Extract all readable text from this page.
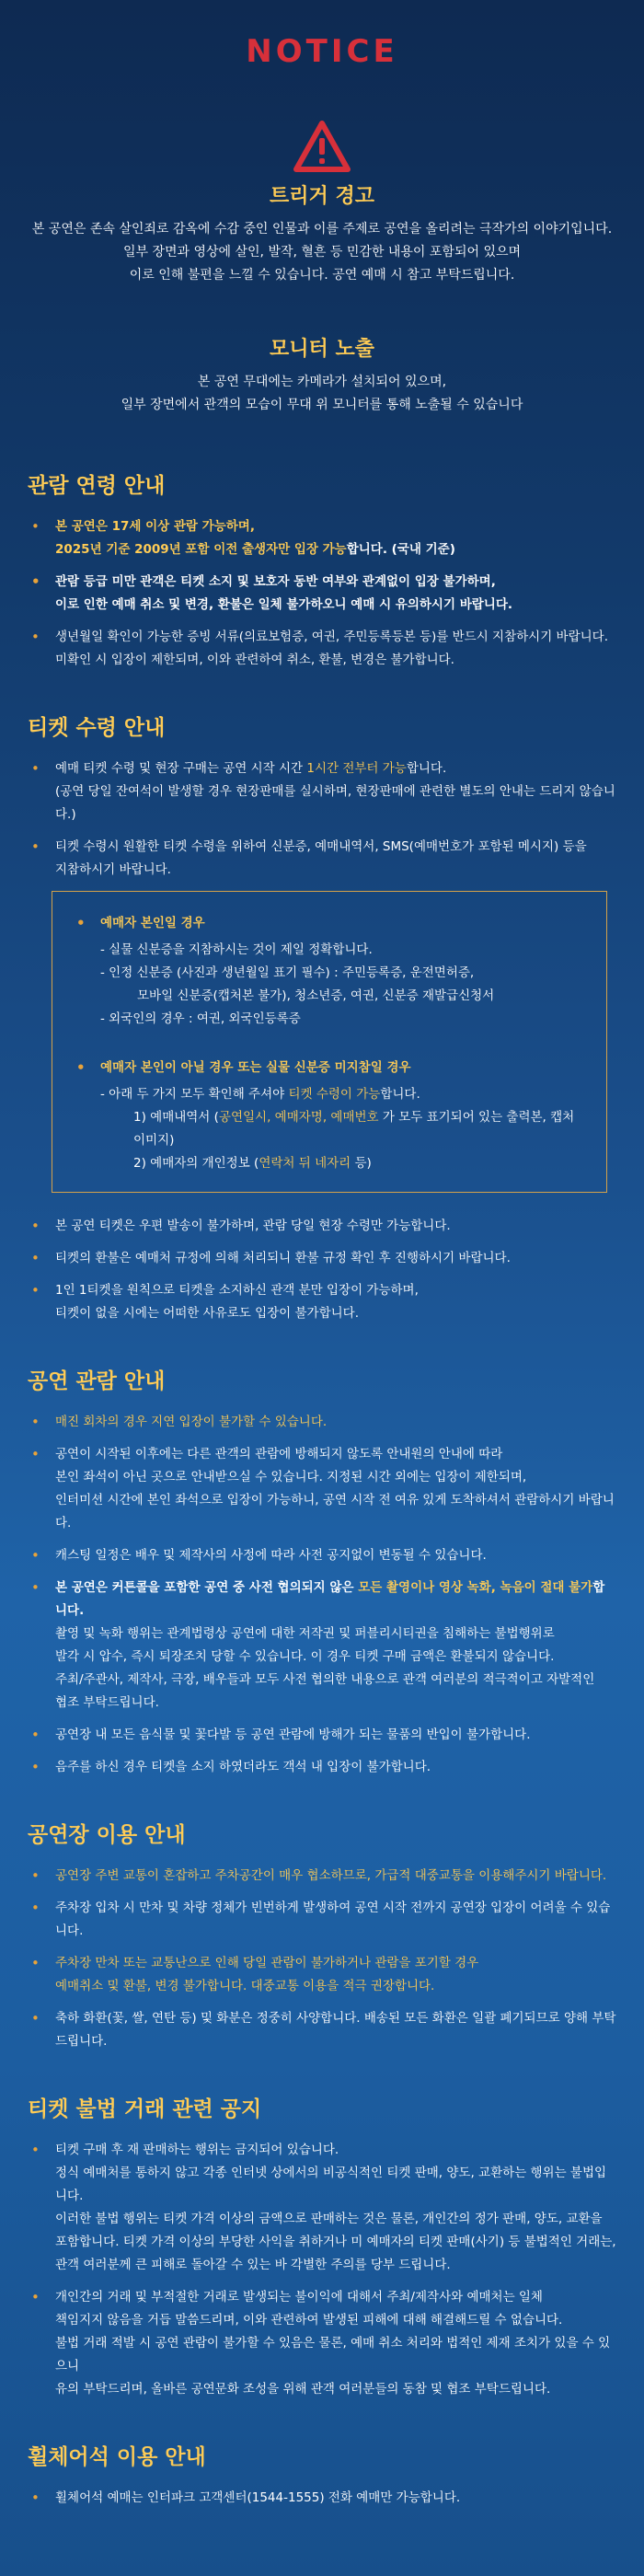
NOTICE
트리거 경고

본 공연은 존속 살인죄로 감옥에 수감 중인 인물과 이를 주제로 공연을 올리려는 극작가의 이야기입니다.

일부 장면과 영상에 살인, 발작, 혈흔 등 민감한 내용이 포함되어 있으며

이로 인해 불편을 느낄 수 있습니다. 공연 예매 시 참고 부탁드립니다.

모니터 노출

본 공연 무대에는 카메라가 설치되어 있으며,

일부 장면에서 관객의 모습이 무대 위 모니터를 통해 노출될 수 있습니다

관람 연령 안내
• 본 공연은 17세 이상 관람 가능하며,
2025년 기준 2009년 포함 이전 출생자만 입장 가능합니다. (국내 기준)
• 관람 등급 미만 관객은 티켓 소지 및 보호자 동반 여부와 관계없이 입장 불가하며,
이로 인한 예매 취소 및 변경, 환불은 일체 불가하오니 예매 시 유의하시기 바랍니다.
• 생년월일 확인이 가능한 증빙 서류(의료보험증, 여권, 주민등록등본 등)를 반드시 지참하시기 바랍니다.
미확인 시 입장이 제한되며, 이와 관련하여 취소, 환불, 변경은 불가합니다.
티켓 수령 안내
• 예매 티켓 수령 및 현장 구매는 공연 시작 시간 1시간 전부터 가능합니다.
(공연 당일 잔여석이 발생할 경우 현장판매를 실시하며, 현장판매에 관련한 별도의 안내는 드리지 않습니다.)
• 티켓 수령시 원활한 티켓 수령을 위하여 신분증, 예매내역서, SMS(예매번호가 포함된 메시지) 등을
지참하시기 바랍니다.

• 예매자 본인일 경우

- 실물 신분증을 지참하시는 것이 제일 정확합니다.

- 인정 신분증 (사진과 생년월일 표기 필수) : 주민등록증, 운전면허증,

모바일 신분증(캡처본 불가), 청소년증, 여권, 신분증 재발급신청서

- 외국인의 경우 : 여권, 외국인등록증

• 예매자 본인이 아닐 경우 또는 실물 신분증 미지참일 경우

- 아래 두 가지 모두 확인해 주셔야 티켓 수령이 가능합니다.

1) 예매내역서 (공연일시, 예매자명, 예매번호 가 모두 표기되어 있는 출력본, 캡처 이미지)

2) 예매자의 개인정보 (연락처 뒤 네자리 등)

• 본 공연 티켓은 우편 발송이 불가하며, 관람 당일 현장 수령만 가능합니다.
• 티켓의 환불은 예매처 규정에 의해 처리되니 환불 규정 확인 후 진행하시기 바랍니다.
• 1인 1티켓을 원칙으로 티켓을 소지하신 관객 분만 입장이 가능하며,
티켓이 없을 시에는 어떠한 사유로도 입장이 불가합니다.
공연 관람 안내
• 매진 회차의 경우 지연 입장이 불가할 수 있습니다.
• 공연이 시작된 이후에는 다른 관객의 관람에 방해되지 않도록 안내원의 안내에 따라
본인 좌석이 아닌 곳으로 안내받으실 수 있습니다. 지정된 시간 외에는 입장이 제한되며,
인터미션 시간에 본인 좌석으로 입장이 가능하니, 공연 시작 전 여유 있게 도착하셔서 관람하시기 바랍니다.
• 캐스팅 일정은 배우 및 제작사의 사정에 따라 사전 공지없이 변동될 수 있습니다.
• 본 공연은 커튼콜을 포함한 공연 중 사전 협의되지 않은 모든 촬영이나 영상 녹화, 녹음이 절대 불가합니다.
촬영 및 녹화 행위는 관계법령상 공연에 대한 저작권 및 퍼블리시티권을 침해하는 불법행위로
발각 시 압수, 즉시 퇴장조치 당할 수 있습니다. 이 경우 티켓 구매 금액은 환불되지 않습니다.
주최/주관사, 제작사, 극장, 배우들과 모두 사전 협의한 내용으로 관객 여러분의 적극적이고 자발적인
협조 부탁드립니다.
• 공연장 내 모든 음식물 및 꽃다발 등 공연 관람에 방해가 되는 물품의 반입이 불가합니다.
• 음주를 하신 경우 티켓을 소지 하였더라도 객석 내 입장이 불가합니다.
공연장 이용 안내
• 공연장 주변 교통이 혼잡하고 주차공간이 매우 협소하므로, 가급적 대중교통을 이용해주시기 바랍니다.
• 주차장 입차 시 만차 및 차량 정체가 빈번하게 발생하여 공연 시작 전까지 공연장 입장이 어려울 수 있습니다.
• 주차장 만차 또는 교통난으로 인해 당일 관람이 불가하거나 관람을 포기할 경우
예매취소 및 환불, 변경 불가합니다. 대중교통 이용을 적극 권장합니다.
• 축하 화환(꽃, 쌀, 연탄 등) 및 화분은 정중히 사양합니다. 배송된 모든 화환은 일괄 폐기되므로 양해 부탁드립니다.
티켓 불법 거래 관련 공지
• 티켓 구매 후 재 판매하는 행위는 금지되어 있습니다.
정식 예매처를 통하지 않고 각종 인터넷 상에서의 비공식적인 티켓 판매, 양도, 교환하는 행위는 불법입니다.
이러한 불법 행위는 티켓 가격 이상의 금액으로 판매하는 것은 물론, 개인간의 정가 판매, 양도, 교환을
포함합니다. 티켓 가격 이상의 부당한 사익을 취하거나 미 예매자의 티켓 판매(사기) 등 불법적인 거래는,
관객 여러분께 큰 피해로 돌아갈 수 있는 바 각별한 주의를 당부 드립니다.
• 개인간의 거래 및 부적절한 거래로 발생되는 불이익에 대해서 주최/제작사와 예매처는 일체
책임지지 않음을 거듭 말씀드리며, 이와 관련하여 발생된 피해에 대해 해결해드릴 수 없습니다.
불법 거래 적발 시 공연 관람이 불가할 수 있음은 물론, 예매 취소 처리와 법적인 제재 조치가 있을 수 있으니
유의 부탁드리며, 올바른 공연문화 조성을 위해 관객 여러분들의 동참 및 협조 부탁드립니다.
휠체어석 이용 안내
• 휠체어석 예매는 인터파크 고객센터(1544-1555) 전화 예매만 가능합니다.
